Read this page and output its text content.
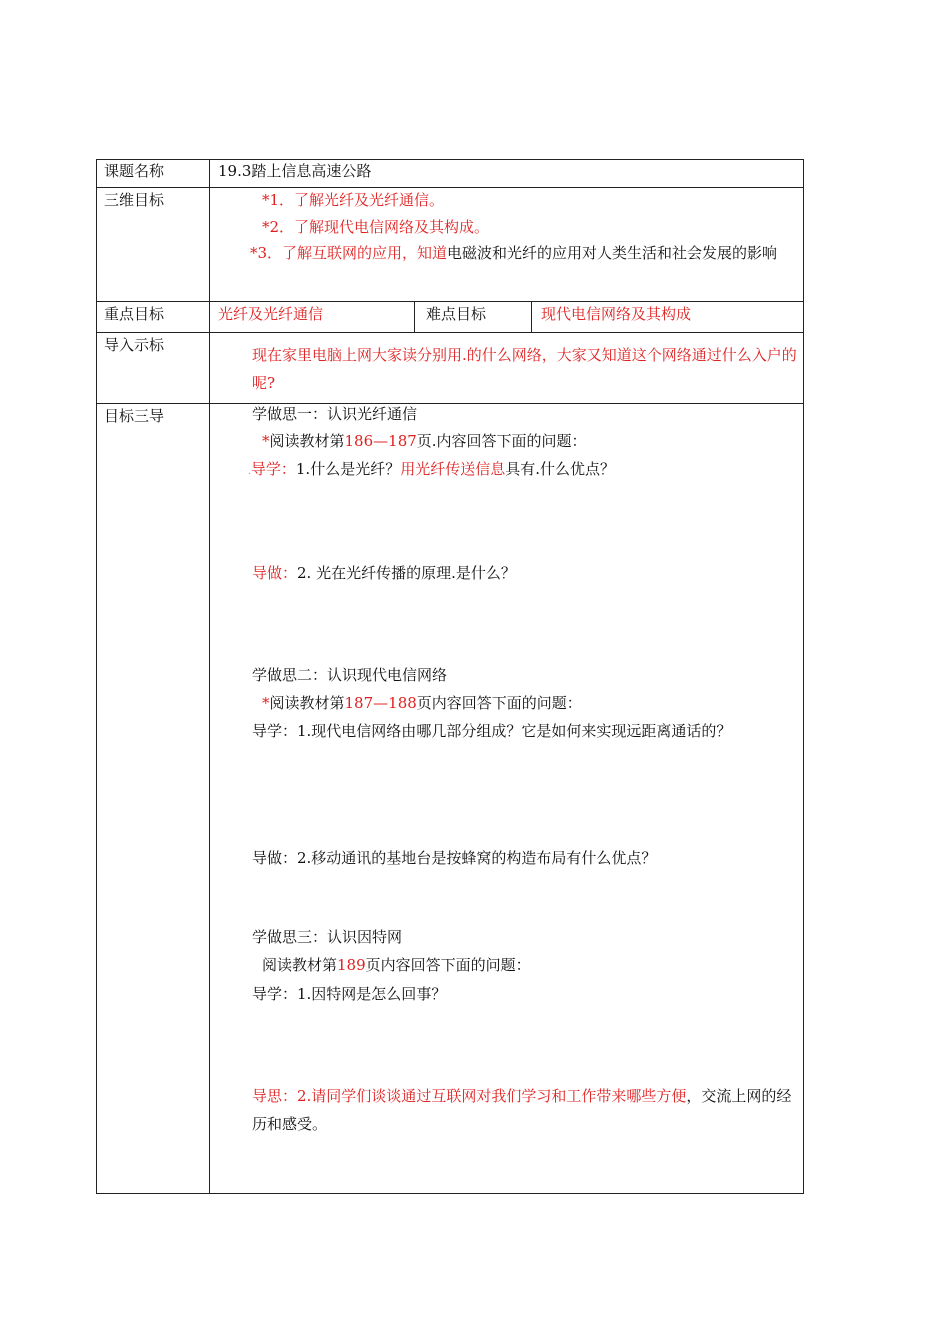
课题名称
三维目标
重点目标
导入示标
目标三导
19.3踏上信息高速公路
*1．了解光纤及光纤通信。
*2．了解现代电信网络及其构成。
*3．了解互联网的应用，知道电磁波和光纤的应用对人类生活和社会发展的影响
光纤及光纤通信	难点目标	现代电信网络及其构成
现在家里电脑上网大家读分别用.的什么网络，大家又知道这个网络通过什么入户的呢?
学做思一：认识光纤通信
*阅读教材第186—187页.内容回答下面的问题：
.导学：1.什么是光纤？用光纤传送信息具有.什么优点？
导做：2. 光在光纤传播的原理.是什么？
学做思二：认识现代电信网络
*阅读教材第187—188页内容回答下面的问题：
导学：1.现代电信网络由哪几部分组成？它是如何来实现远距离通话的？
导做：2.移动通讯的基地台是按蜂窝的构造布局有什么优点？
学做思三：认识因特网
阅读教材第189页内容回答下面的问题：
导学：1.因特网是怎么回事？
导思：2.请同学们谈谈通过互联网对我们学习和工作带来哪些方便，交流上网的经历和感受。
